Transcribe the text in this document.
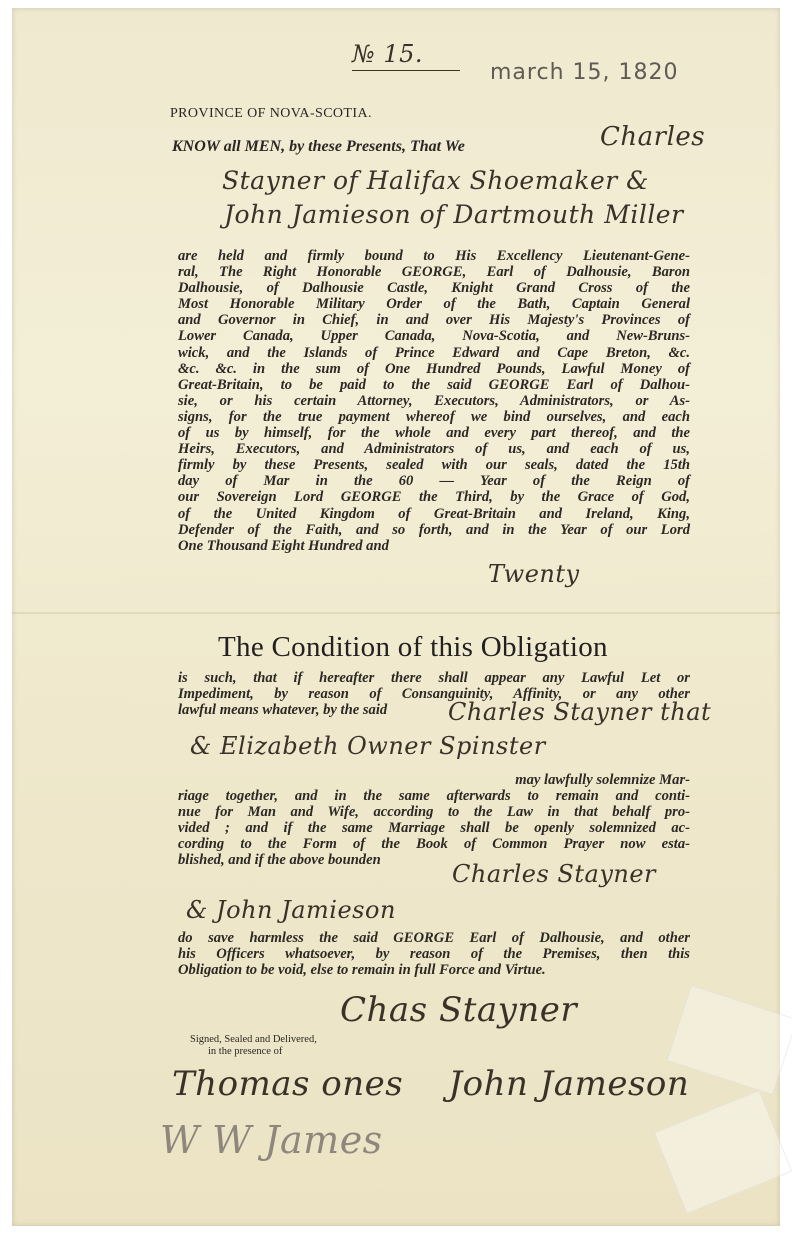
№ 15.
march 15, 1820
PROVINCE OF NOVA-SCOTIA.
KNOW all MEN, by these Presents, That We	Charles
Stayner of Halifax Shoemaker &
John Jamieson of Dartmouth Miller
are held and firmly bound to His Excellency Lieutenant-Gene-
ral, The Right Honorable GEORGE, Earl of Dalhousie, Baron
Dalhousie, of Dalhousie Castle, Knight Grand Cross of the
Most Honorable Military Order of the Bath, Captain General
and Governor in Chief, in and over His Majesty's Provinces of
Lower Canada, Upper Canada, Nova-Scotia, and New-Bruns-
wick, and the Islands of Prince Edward and Cape Breton, &c.
&c. &c. in the sum of One Hundred Pounds, Lawful Money of
Great-Britain, to be paid to the said GEORGE Earl of Dalhou-
sie, or his certain Attorney, Executors, Administrators, or As-
signs, for the true payment whereof we bind ourselves, and each
of us by himself, for the whole and every part thereof, and the
Heirs, Executors, and Administrators of us, and each of us,
firmly by these Presents, sealed with our seals, dated the 15th
day of Mar in the 60 — Year of the Reign of
our Sovereign Lord GEORGE the Third, by the Grace of God,
of the United Kingdom of Great-Britain and Ireland, King,
Defender of the Faith, and so forth, and in the Year of our Lord
One Thousand Eight Hundred and
Twenty
The Condition of this Obligation
is such, that if hereafter there shall appear any Lawful Let or
Impediment, by reason of Consanguinity, Affinity, or any other
lawful means whatever, by the said	Charles Stayner that
& Elizabeth Owner Spinster
may lawfully solemnize Mar-
riage together, and in the same afterwards to remain and conti-
nue for Man and Wife, according to the Law in that behalf pro-
vided ; and if the same Marriage shall be openly solemnized ac-
cording to the Form of the Book of Common Prayer now esta-
blished, and if the above bounden	Charles Stayner
& John Jamieson
do save harmless the said GEORGE Earl of Dalhousie, and other
his Officers whatsoever, by reason of the Premises, then this
Obligation to be void, else to remain in full Force and Virtue.
Chas Stayner
Signed, Sealed and Delivered,
in the presence of
Thomas ones    John Jameson
W W James
